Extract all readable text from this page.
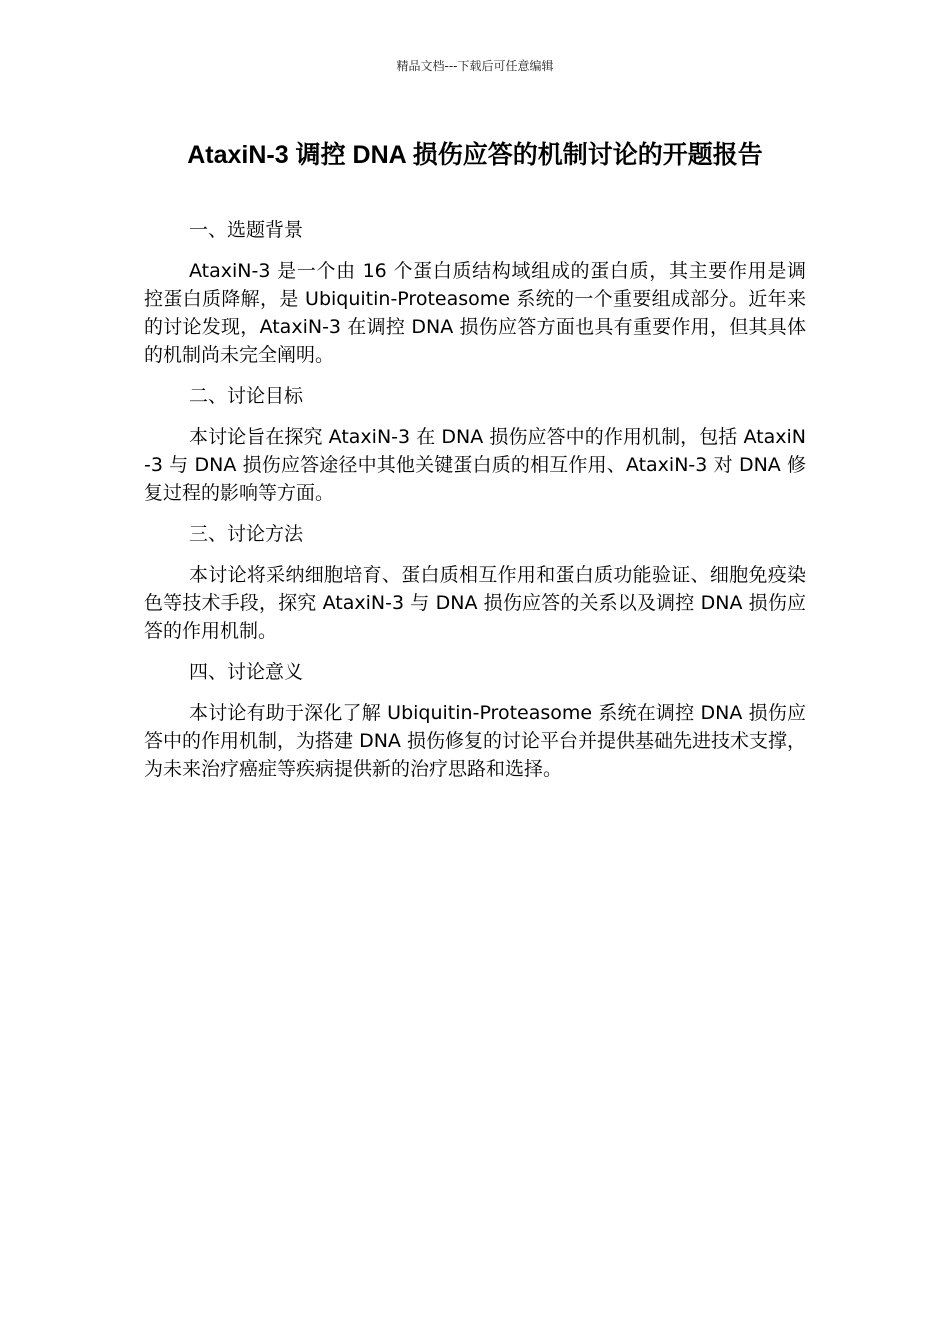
精品文档---下载后可任意编辑
AtaxiN-3 调控 DNA 损伤应答的机制讨论的开题报告
一、选题背景

AtaxiN-3 是一个由 16 个蛋白质结构域组成的蛋白质，其主要作用是调控蛋白质降解，是 Ubiquitin-Proteasome 系统的一个重要组成部分。近年来的讨论发现，AtaxiN-3 在调控 DNA 损伤应答方面也具有重要作用，但其具体的机制尚未完全阐明。

二、讨论目标

本讨论旨在探究 AtaxiN-3 在 DNA 损伤应答中的作用机制，包括 AtaxiN-3 与 DNA 损伤应答途径中其他关键蛋白质的相互作用、AtaxiN-3 对 DNA 修复过程的影响等方面。

三、讨论方法

本讨论将采纳细胞培育、蛋白质相互作用和蛋白质功能验证、细胞免疫染色等技术手段，探究 AtaxiN-3 与 DNA 损伤应答的关系以及调控 DNA 损伤应答的作用机制。

四、讨论意义

本讨论有助于深化了解 Ubiquitin-Proteasome 系统在调控 DNA 损伤应答中的作用机制，为搭建 DNA 损伤修复的讨论平台并提供基础先进技术支撑，为未来治疗癌症等疾病提供新的治疗思路和选择。
